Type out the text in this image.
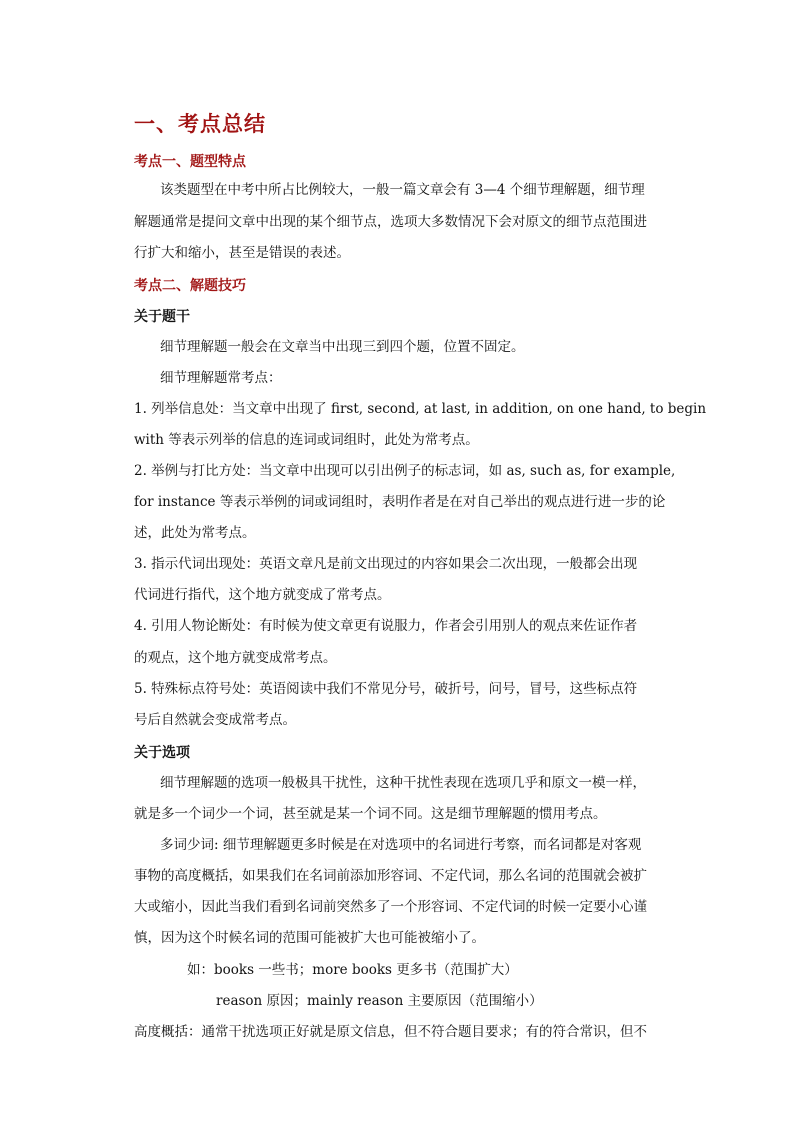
一、考点总结
考点一、题型特点
该类题型在中考中所占比例较大，一般一篇文章会有 3—4 个细节理解题，细节理
解题通常是提问文章中出现的某个细节点，选项大多数情况下会对原文的细节点范围进
行扩大和缩小，甚至是错误的表述。
考点二、解题技巧
关于题干
细节理解题一般会在文章当中出现三到四个题，位置不固定。
细节理解题常考点：
1. 列举信息处：当文章中出现了 first, second, at last, in addition, on one hand, to begin
with 等表示列举的信息的连词或词组时，此处为常考点。
2. 举例与打比方处：当文章中出现可以引出例子的标志词，如 as, such as, for example,
for instance 等表示举例的词或词组时，表明作者是在对自己举出的观点进行进一步的论
述，此处为常考点。
3. 指示代词出现处：英语文章凡是前文出现过的内容如果会二次出现，一般都会出现
代词进行指代，这个地方就变成了常考点。
4. 引用人物论断处：有时候为使文章更有说服力，作者会引用别人的观点来佐证作者
的观点，这个地方就变成常考点。
5. 特殊标点符号处：英语阅读中我们不常见分号，破折号，问号，冒号，这些标点符
号后自然就会变成常考点。
关于选项
细节理解题的选项一般极具干扰性，这种干扰性表现在选项几乎和原文一模一样，
就是多一个词少一个词，甚至就是某一个词不同。这是细节理解题的惯用考点。
多词少词: 细节理解题更多时候是在对选项中的名词进行考察，而名词都是对客观
事物的高度概括，如果我们在名词前添加形容词、不定代词，那么名词的范围就会被扩
大或缩小，因此当我们看到名词前突然多了一个形容词、不定代词的时候一定要小心谨
慎，因为这个时候名词的范围可能被扩大也可能被缩小了。
如：books 一些书；more books 更多书（范围扩大）
reason 原因；mainly reason 主要原因（范围缩小）
高度概括：通常干扰选项正好就是原文信息，但不符合题目要求；有的符合常识，但不
